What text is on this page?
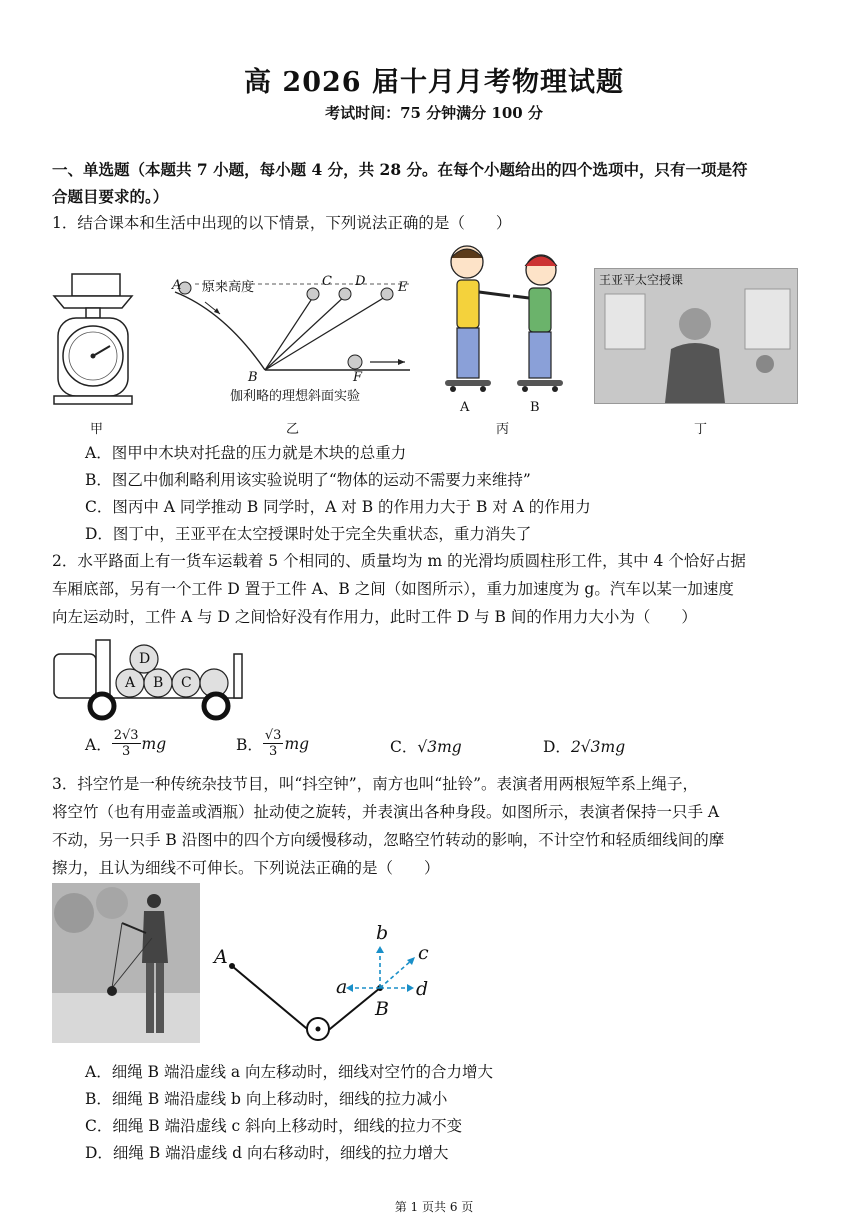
高 2026 届十月月考物理试题
考试时间：75 分钟满分 100 分
一、单选题（本题共 7 小题，每小题 4 分，共 28 分。在每个小题给出的四个选项中，只有一项是符
合题目要求的。）
1．结合课本和生活中出现的以下情景，下列说法正确的是（　　）
A 原来高度	C D	E
B	F
伽利略的理想斜面实验
A	B
王亚平太空授课
甲	乙	丙	丁
A．图甲中木块对托盘的压力就是木块的总重力
B．图乙中伽利略利用该实验说明了“物体的运动不需要力来维持”
C．图丙中 A 同学推动 B 同学时，A 对 B 的作用力大于 B 对 A 的作用力
D．图丁中，王亚平在太空授课时处于完全失重状态，重力消失了
2．水平路面上有一货车运载着 5 个相同的、质量均为 m 的光滑均质圆柱形工件，其中 4 个恰好占据
车厢底部，另有一个工件 D 置于工件 A、B 之间（如图所示），重力加速度为 g。汽车以某一加速度
向左运动时，工件 A 与 D 之间恰好没有作用力，此时工件 D 与 B 间的作用力大小为（　　）
D
A B C
A． $\frac{2√3}{3}$ mg	B． $\frac{√3}{3}$ mg	C．√3mg	D．2√3mg
3．抖空竹是一种传统杂技节目，叫“抖空钟”，南方也叫“扯铃”。表演者用两根短竿系上绳子，
将空竹（也有用壶盖或酒瓶）扯动使之旋转，并表演出各种身段。如图所示，表演者保持一只手 A
不动，另一只手 B 沿图中的四个方向缓慢移动，忽略空竹转动的影响，不计空竹和轻质细线间的摩
擦力，且认为细线不可伸长。下列说法正确的是（　　）
A
B
b
c
a	d
A．细绳 B 端沿虚线 a 向左移动时，细线对空竹的合力增大
B．细绳 B 端沿虚线 b 向上移动时，细线的拉力减小
C．细绳 B 端沿虚线 c 斜向上移动时，细线的拉力不变
D．细绳 B 端沿虚线 d 向右移动时，细线的拉力增大
第 1 页共 6 页
